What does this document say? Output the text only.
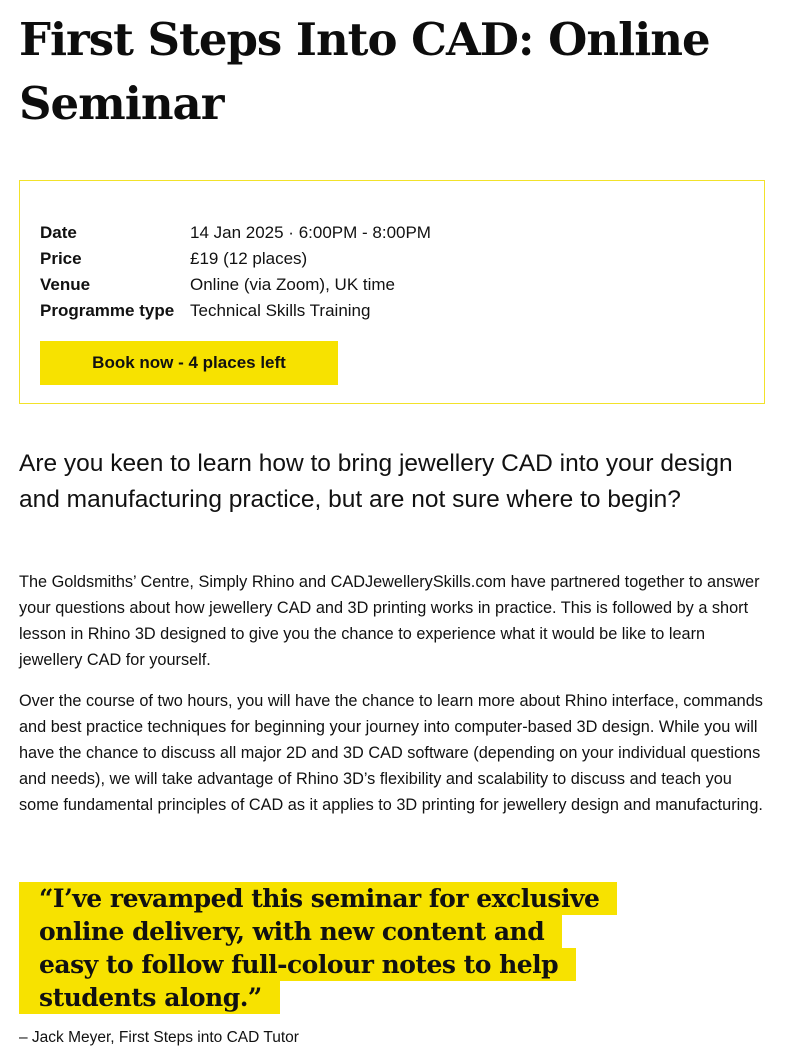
First Steps Into CAD: Online Seminar
Date	14 Jan 2025 · 6:00PM - 8:00PM
Price	£19 (12 places)
Venue	Online (via Zoom), UK time
Programme type	Technical Skills Training
Book now - 4 places left
Are you keen to learn how to bring jewellery CAD into your design and manufacturing practice, but are not sure where to begin?

The Goldsmiths’ Centre, Simply Rhino and CADJewellerySkills.com have partnered together to answer your questions about how jewellery CAD and 3D printing works in practice. This is followed by a short lesson in Rhino 3D designed to give you the chance to experience what it would be like to learn jewellery CAD for yourself.

Over the course of two hours, you will have the chance to learn more about Rhino interface, commands and best practice techniques for beginning your journey into computer-based 3D design. While you will have the chance to discuss all major 2D and 3D CAD software (depending on your individual questions and needs), we will take advantage of Rhino 3D’s flexibility and scalability to discuss and teach you some fundamental principles of CAD as it applies to 3D printing for jewellery design and manufacturing.

“I’ve revamped this seminar for exclusive
online delivery, with new content and
easy to follow full-colour notes to help
students along.”

– Jack Meyer, First Steps into CAD Tutor
